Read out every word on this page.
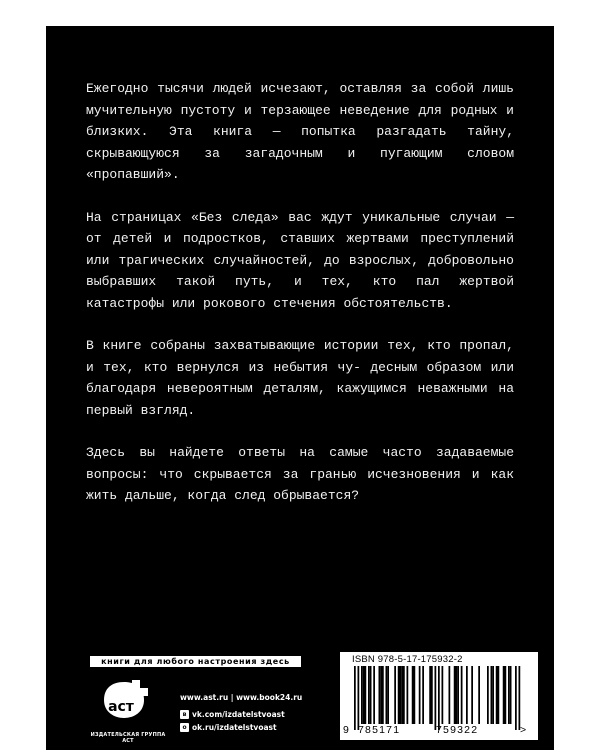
Ежегодно тысячи людей исчезают, оставляя за собой лишь мучительную пустоту и терзающее неведение для родных и близких. Эта книга — попытка разгадать тайну, скрывающуюся за загадочным и пугающим словом «пропавший».

На страницах «Без следа» вас ждут уникальные случаи — от детей и подростков, ставших жертвами преступлений или трагических случайностей, до взрослых, добровольно выбравших такой путь, и тех, кто пал жертвой катастрофы или рокового стечения обстоятельств.

В книге собраны захватывающие истории тех, кто пропал, и тех, кто вернулся из небытия чу- десным образом или благодаря невероятным деталям, кажущимся неважными на первый взгляд.

Здесь вы найдете ответы на самые часто задаваемые вопросы: что скрывается за гранью исчезновения и как жить дальше, когда след обрывается?

книги для любого настроения здесь
аст
ИЗДАТЕЛЬСКАЯ ГРУППА АСТ
www.ast.ru | www.book24.ru
в vk.com/izdatelstvoast
о ok.ru/izdatelstvoast
ISBN 978-5-17-175932-2
9 785171	759322	>
